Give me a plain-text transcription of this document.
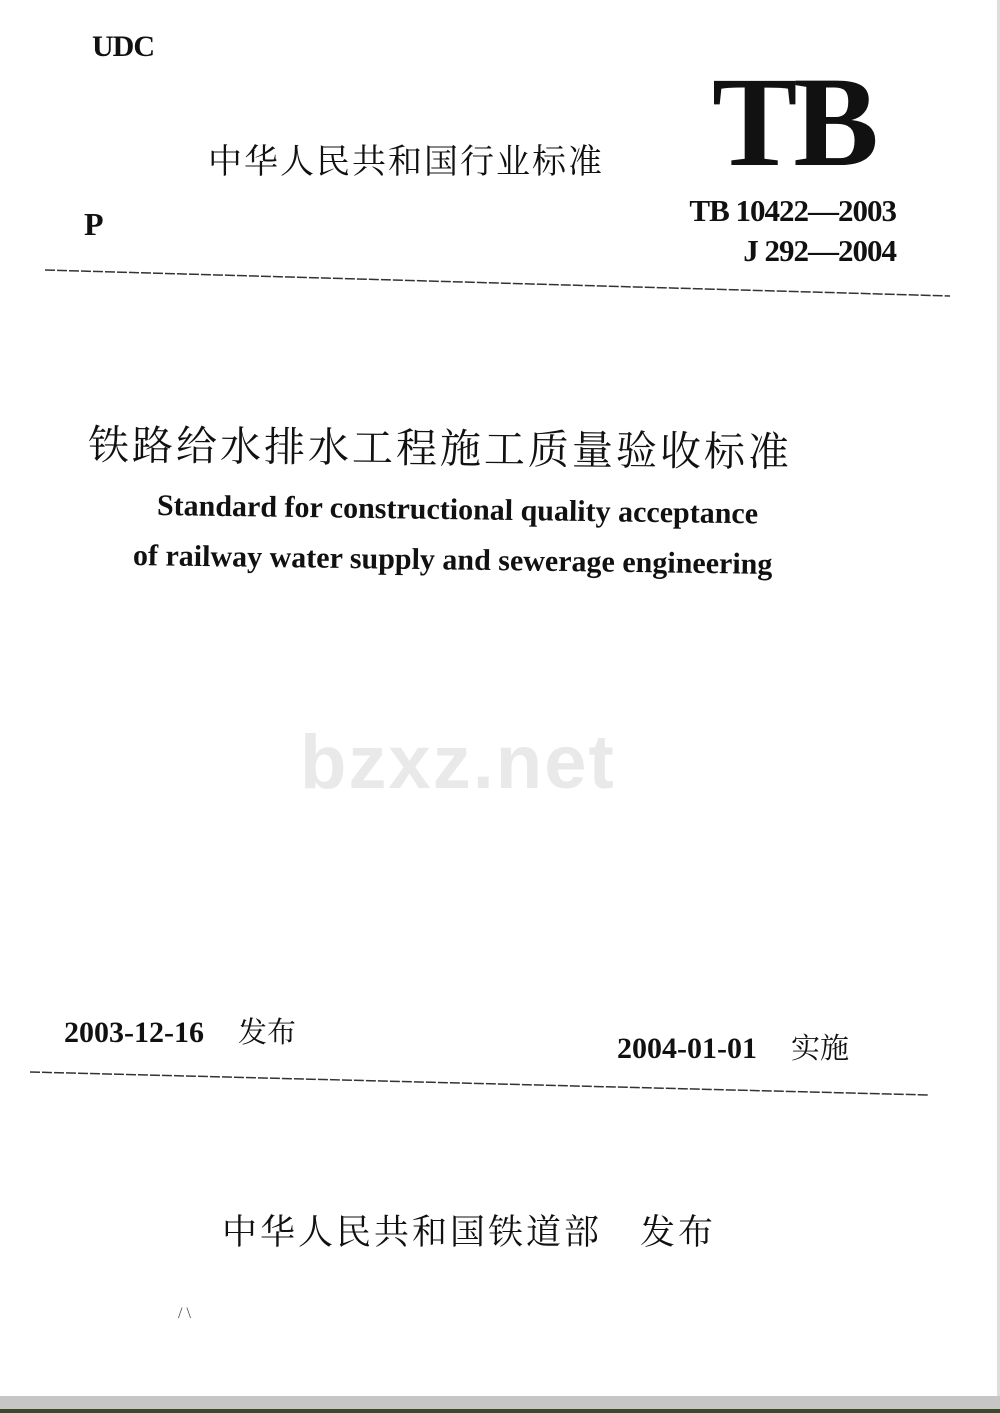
UDC
bzxz.net
中华人民共和国行业标准
P
TB
TB 10422—2003
J 292—2004
铁路给水排水工程施工质量验收标准
Standard for constructional quality acceptance
of railway water supply and sewerage engineering
2003-12-16 发布	2004-01-01 实施
中华人民共和国铁道部 发布
/ \
